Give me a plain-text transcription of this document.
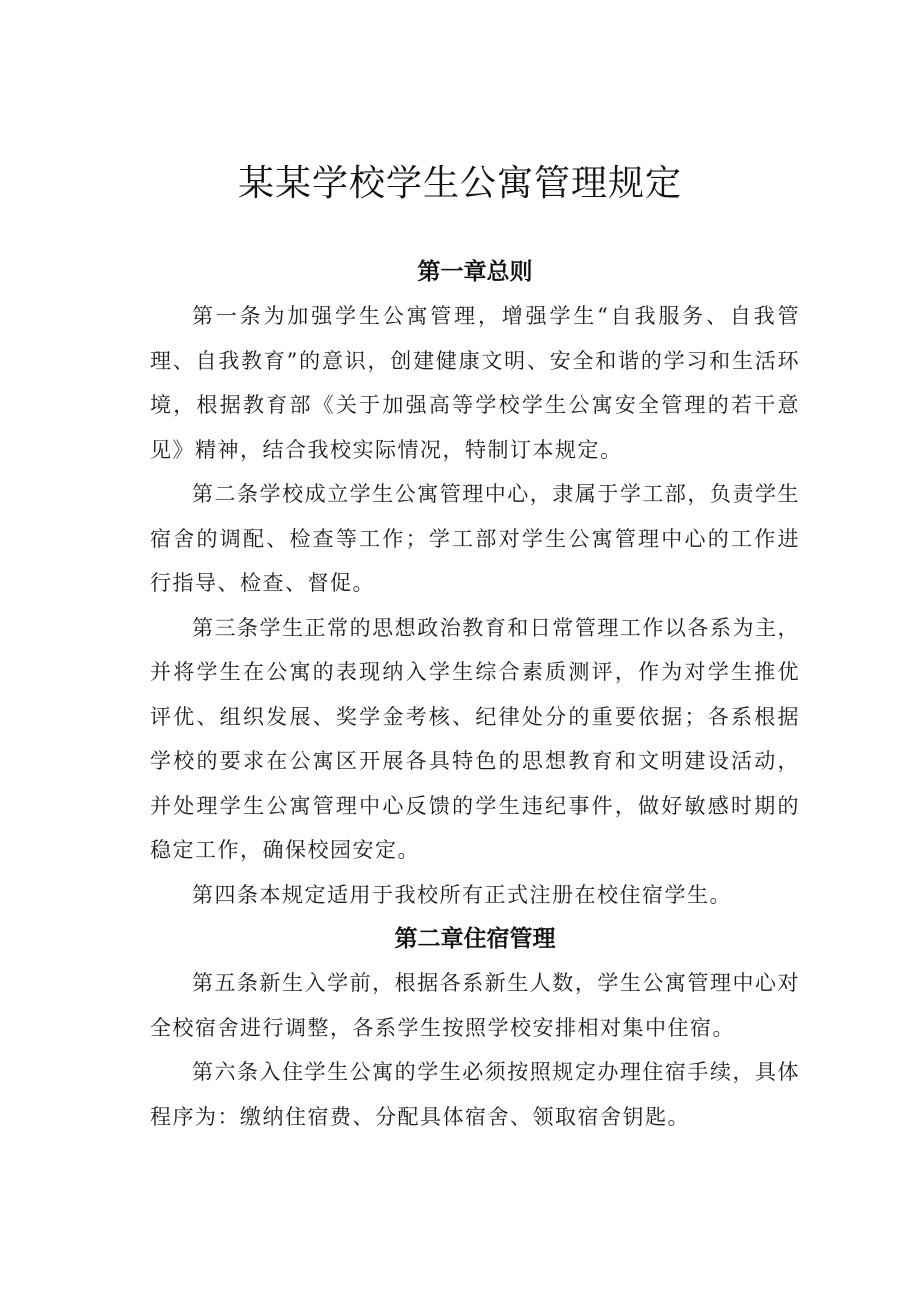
某某学校学生公寓管理规定
第一章总则

第一条为加强学生公寓管理，增强学生“自我服务、自我管理、自我教育”的意识，创建健康文明、安全和谐的学习和生活环境，根据教育部《关于加强高等学校学生公寓安全管理的若干意见》精神，结合我校实际情况，特制订本规定。

第二条学校成立学生公寓管理中心，隶属于学工部，负责学生宿舍的调配、检查等工作；学工部对学生公寓管理中心的工作进行指导、检查、督促。

第三条学生正常的思想政治教育和日常管理工作以各系为主，并将学生在公寓的表现纳入学生综合素质测评，作为对学生推优评优、组织发展、奖学金考核、纪律处分的重要依据；各系根据学校的要求在公寓区开展各具特色的思想教育和文明建设活动，并处理学生公寓管理中心反馈的学生违纪事件，做好敏感时期的稳定工作，确保校园安定。

第四条本规定适用于我校所有正式注册在校住宿学生。

第二章住宿管理

第五条新生入学前，根据各系新生人数，学生公寓管理中心对全校宿舍进行调整，各系学生按照学校安排相对集中住宿。

第六条入住学生公寓的学生必须按照规定办理住宿手续，具体程序为：缴纳住宿费、分配具体宿舍、领取宿舍钥匙。
